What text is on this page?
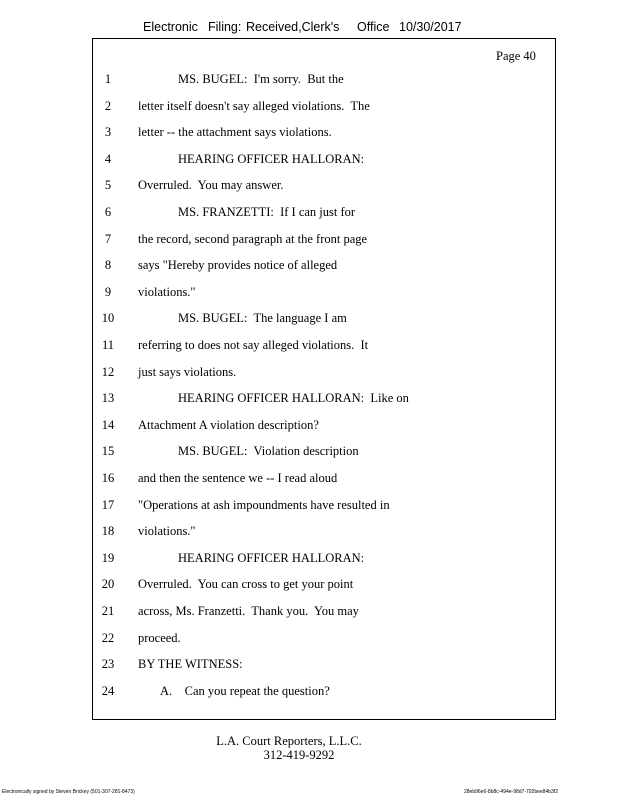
Electronic Filing: Received,Clerk's Office 10/30/2017
Page 40
1	MS. BUGEL:  I'm sorry.  But the
2	letter itself doesn't say alleged violations.  The
3	letter -- the attachment says violations.
4	HEARING OFFICER HALLORAN:
5	Overruled.  You may answer.
6	MS. FRANZETTI:  If I can just for
7	the record, second paragraph at the front page
8	says "Hereby provides notice of alleged
9	violations."
10	MS. BUGEL:  The language I am
11	referring to does not say alleged violations.  It
12	just says violations.
13	HEARING OFFICER HALLORAN:  Like on
14	Attachment A violation description?
15	MS. BUGEL:  Violation description
16	and then the sentence we -- I read aloud
17	"Operations at ash impoundments have resulted in
18	violations."
19	HEARING OFFICER HALLORAN:
20	Overruled.  You can cross to get your point
21	across, Ms. Franzetti.  Thank you.  You may
22	proceed.
23	BY THE WITNESS:
24	A.    Can you repeat the question?
L.A. Court Reporters, L.L.C.
312-419-9292
Electronically signed by Steven Brickey (501-307-281-8473)	28eb96e6-8b8c-494e-98d7-702bee84b3f2
